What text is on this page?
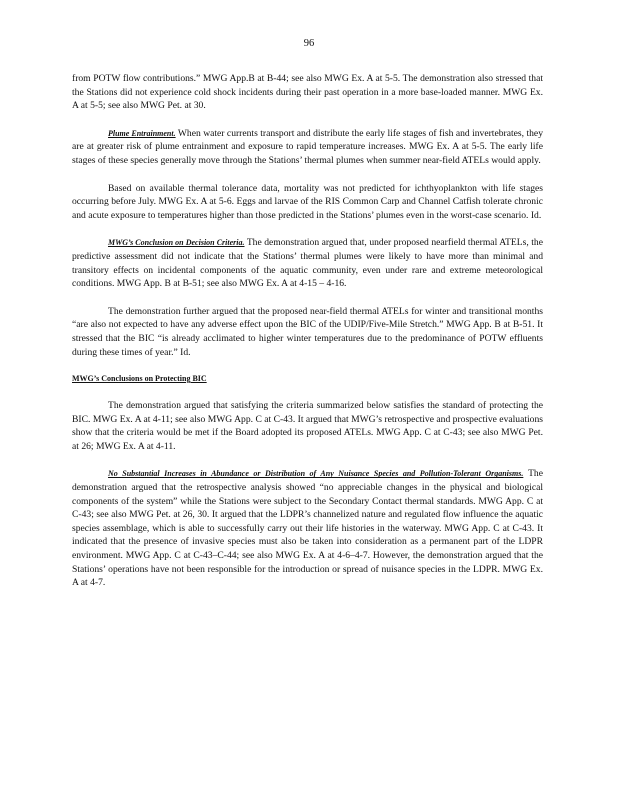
96

from POTW flow contributions.” MWG App.B at B-44; see also MWG Ex. A at 5-5. The demonstration also stressed that the Stations did not experience cold shock incidents during their past operation in a more base-loaded manner. MWG Ex. A at 5-5; see also MWG Pet. at 30.

Plume Entrainment. When water currents transport and distribute the early life stages of fish and invertebrates, they are at greater risk of plume entrainment and exposure to rapid temperature increases. MWG Ex. A at 5-5. The early life stages of these species generally move through the Stations’ thermal plumes when summer near-field ATELs would apply.

Based on available thermal tolerance data, mortality was not predicted for ichthyoplankton with life stages occurring before July. MWG Ex. A at 5-6. Eggs and larvae of the RIS Common Carp and Channel Catfish tolerate chronic and acute exposure to temperatures higher than those predicted in the Stations’ plumes even in the worst-case scenario. Id.

MWG’s Conclusion on Decision Criteria. The demonstration argued that, under proposed nearfield thermal ATELs, the predictive assessment did not indicate that the Stations’ thermal plumes were likely to have more than minimal and transitory effects on incidental components of the aquatic community, even under rare and extreme meteorological conditions. MWG App. B at B-51; see also MWG Ex. A at 4-15 – 4-16.

The demonstration further argued that the proposed near-field thermal ATELs for winter and transitional months “are also not expected to have any adverse effect upon the BIC of the UDIP/Five-Mile Stretch.” MWG App. B at B-51. It stressed that the BIC “is already acclimated to higher winter temperatures due to the predominance of POTW effluents during these times of year.” Id.

MWG’s Conclusions on Protecting BIC

The demonstration argued that satisfying the criteria summarized below satisfies the standard of protecting the BIC. MWG Ex. A at 4-11; see also MWG App. C at C-43. It argued that MWG’s retrospective and prospective evaluations show that the criteria would be met if the Board adopted its proposed ATELs. MWG App. C at C-43; see also MWG Pet. at 26; MWG Ex. A at 4-11.

No Substantial Increases in Abundance or Distribution of Any Nuisance Species and Pollution-Tolerant Organisms. The demonstration argued that the retrospective analysis showed “no appreciable changes in the physical and biological components of the system” while the Stations were subject to the Secondary Contact thermal standards. MWG App. C at C-43; see also MWG Pet. at 26, 30. It argued that the LDPR’s channelized nature and regulated flow influence the aquatic species assemblage, which is able to successfully carry out their life histories in the waterway. MWG App. C at C-43. It indicated that the presence of invasive species must also be taken into consideration as a permanent part of the LDPR environment. MWG App. C at C-43–C-44; see also MWG Ex. A at 4-6–4-7. However, the demonstration argued that the Stations’ operations have not been responsible for the introduction or spread of nuisance species in the LDPR. MWG Ex. A at 4-7.
